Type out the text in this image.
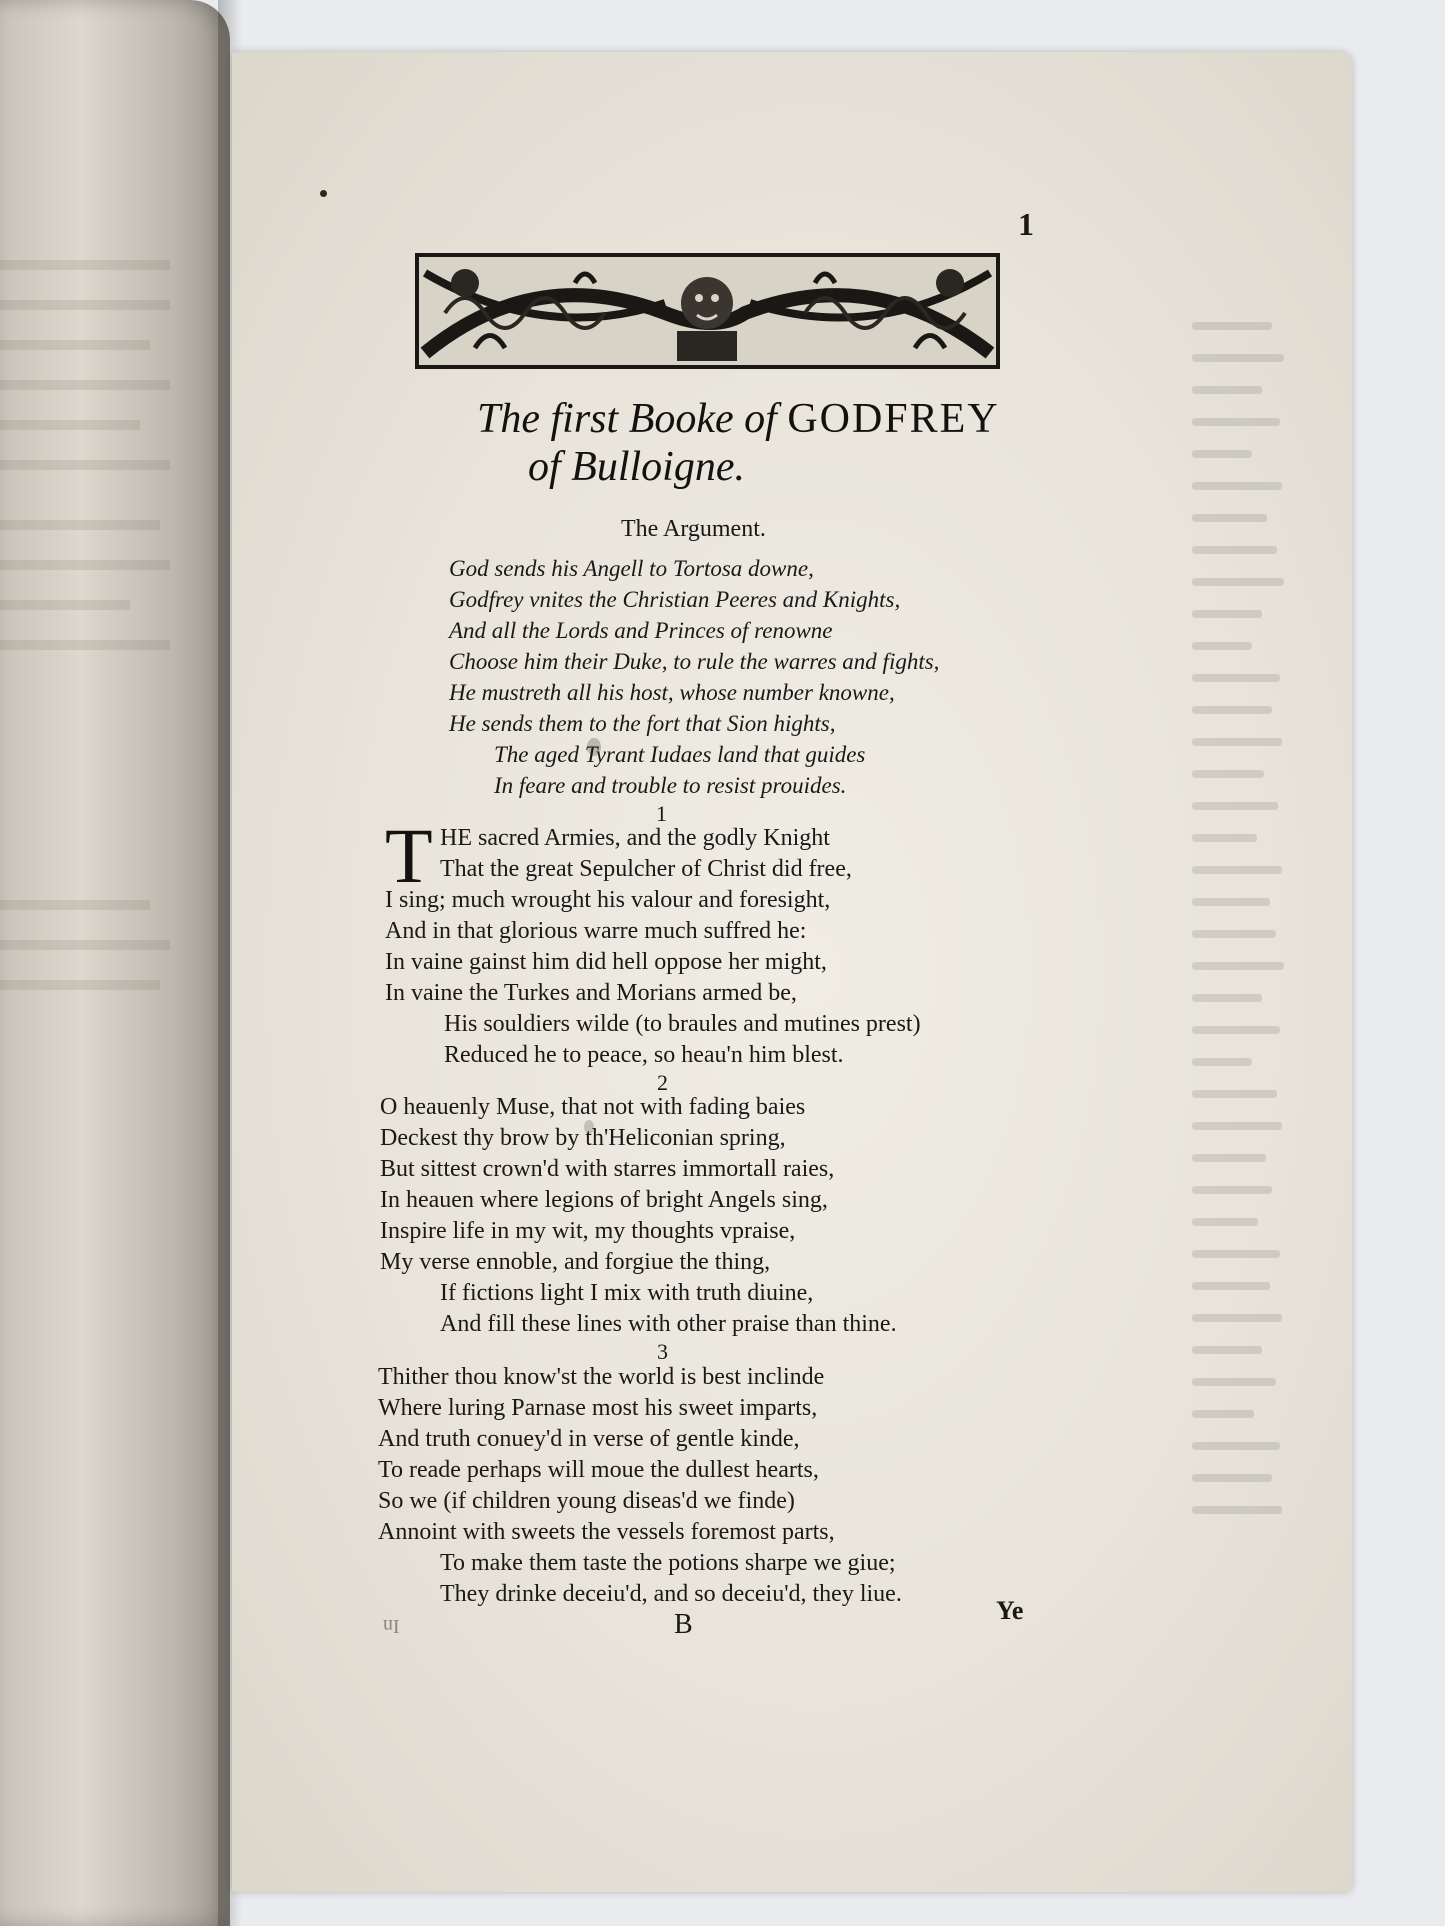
1
The first Booke of GODFREY
of Bulloigne.
The Argument.
God sends his Angell to Tortosa downe,
Godfrey vnites the Christian Peeres and Knights,
And all the Lords and Princes of renowne
Choose him their Duke, to rule the warres and fights,
He mustreth all his host, whose number knowne,
He sends them to the fort that Sion hights,
The aged Tyrant Iudaes land that guides
In feare and trouble to resist prouides.
1
T HE sacred Armies, and the godly Knight
That the great Sepulcher of Christ did free,
I sing; much wrought his valour and foresight,
And in that glorious warre much suffred he:
In vaine gainst him did hell oppose her might,
In vaine the Turkes and Morians armed be,
His souldiers wilde (to braules and mutines prest)
Reduced he to peace, so heau'n him blest.
2
O heauenly Muse, that not with fading baies
Deckest thy brow by th'Heliconian spring,
But sittest crown'd with starres immortall raies,
In heauen where legions of bright Angels sing,
Inspire life in my wit, my thoughts vpraise,
My verse ennoble, and forgiue the thing,
If fictions light I mix with truth diuine,
And fill these lines with other praise than thine.
3
Thither thou know'st the world is best inclinde
Where luring Parnase most his sweet imparts,
And truth conuey'd in verse of gentle kinde,
To reade perhaps will moue the dullest hearts,
So we (if children young diseas'd we finde)
Annoint with sweets the vessels foremost parts,
To make them taste the potions sharpe we giue;
They drinke deceiu'd, and so deceiu'd, they liue.
In	B	Ye
